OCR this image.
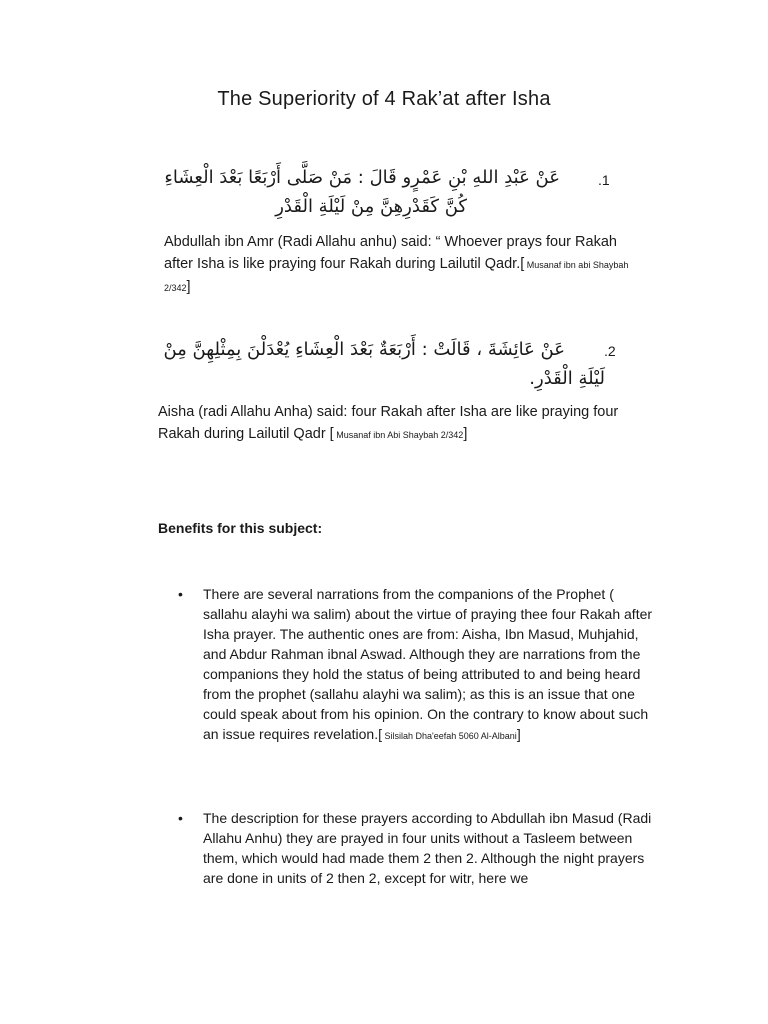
The Superiority of 4 Rak’at after Isha
.1
عَنْ عَبْدِ اللهِ بْنِ عَمْرٍو قَالَ : مَنْ صَلَّى أَرْبَعًا بَعْدَ الْعِشَاءِ
كُنَّ كَقَدْرِهِنَّ مِنْ لَيْلَةِ الْقَدْرِ
Abdullah ibn Amr (Radi Allahu anhu) said: “ Whoever prays four Rakah after Isha is like praying four Rakah during Lailutil Qadr.[ Musanaf ibn abi Shaybah 2/342]
.2
عَنْ عَائِشَةَ ، قَالَتْ : أَرْبَعَةٌ بَعْدَ الْعِشَاءِ يُعْدَلْنَ بِمِثْلِهِنَّ مِنْ
لَيْلَةِ الْقَدْرِ.
Aisha (radi Allahu Anha) said: four Rakah after Isha are like praying four Rakah during Lailutil Qadr [ Musanaf ibn Abi Shaybah 2/342]
Benefits for this subject:
• There are several narrations from the companions of the Prophet ( sallahu alayhi wa salim) about the virtue of praying thee four Rakah after Isha prayer. The authentic ones are from: Aisha, Ibn Masud, Muhjahid, and Abdur Rahman ibnal Aswad. Although they are narrations from the companions they hold the status of being attributed to and being heard from the prophet (sallahu alayhi wa salim); as this is an issue that one could speak about from his opinion. On the contrary to know about such an issue requires revelation.[ Silsilah Dha'eefah 5060 Al-Albani]
• The description for these prayers according to Abdullah ibn Masud (Radi Allahu Anhu) they are prayed in four units without a Tasleem between them, which would had made them 2 then 2. Although the night prayers are done in units of 2 then 2, except for witr, here we
